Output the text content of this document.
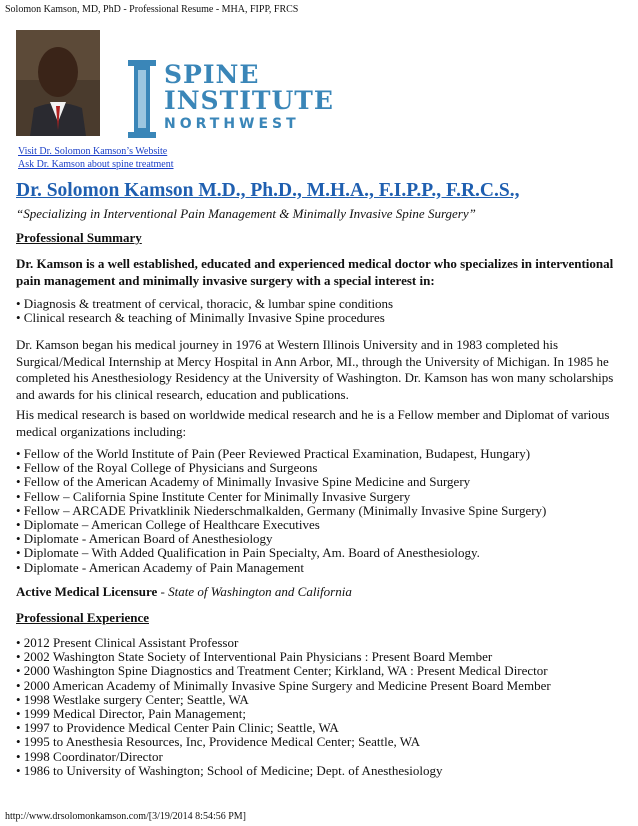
Solomon Kamson, MD, PhD - Professional Resume - MHA, FIPP, FRCS
SPINE
INSTITUTE
NORTHWEST
Visit Dr. Solomon Kamson’s Website
Ask Dr. Kamson about spine treatment
Dr. Solomon Kamson M.D., Ph.D., M.H.A., F.I.P.P., F.R.C.S.,
“Specializing in Interventional Pain Management & Minimally Invasive Spine Surgery”
Professional Summary
Dr. Kamson is a well established, educated and experienced medical doctor who specializes in interventional pain management and minimally invasive surgery with a special interest in:
• Diagnosis & treatment of cervical, thoracic, & lumbar spine conditions
• Clinical research & teaching of Minimally Invasive Spine procedures
Dr. Kamson began his medical journey in 1976 at Western Illinois University and in 1983 completed his Surgical/Medical Internship at Mercy Hospital in Ann Arbor, MI., through the University of Michigan. In 1985 he completed his Anesthesiology Residency at the University of Washington. Dr. Kamson has won many scholarships and awards for his clinical research, education and publications.
His medical research is based on worldwide medical research and he is a Fellow member and Diplomat of various medical organizations including:
• Fellow of the World Institute of Pain (Peer Reviewed Practical Examination, Budapest, Hungary)
• Fellow of the Royal College of Physicians and Surgeons
• Fellow of the American Academy of Minimally Invasive Spine Medicine and Surgery
• Fellow – California Spine Institute Center for Minimally Invasive Surgery
• Fellow – ARCADE Privatklinik Niederschmalkalden, Germany (Minimally Invasive Spine Surgery)
• Diplomate – American College of Healthcare Executives
• Diplomate - American Board of Anesthesiology
• Diplomate – With Added Qualification in Pain Specialty, Am. Board of Anesthesiology.
• Diplomate - American Academy of Pain Management
Active Medical Licensure - State of Washington and California
Professional Experience
• 2012 Present Clinical Assistant Professor
• 2002 Washington State Society of Interventional Pain Physicians : Present Board Member
• 2000 Washington Spine Diagnostics and Treatment Center; Kirkland, WA : Present Medical Director
• 2000 American Academy of Minimally Invasive Spine Surgery and Medicine Present Board Member
• 1998 Westlake surgery Center; Seattle, WA
• 1999 Medical Director, Pain Management;
• 1997 to Providence Medical Center Pain Clinic; Seattle, WA
• 1995 to Anesthesia Resources, Inc, Providence Medical Center; Seattle, WA
• 1998 Coordinator/Director
• 1986 to University of Washington; School of Medicine; Dept. of Anesthesiology
http://www.drsolomonkamson.com/[3/19/2014 8:54:56 PM]
